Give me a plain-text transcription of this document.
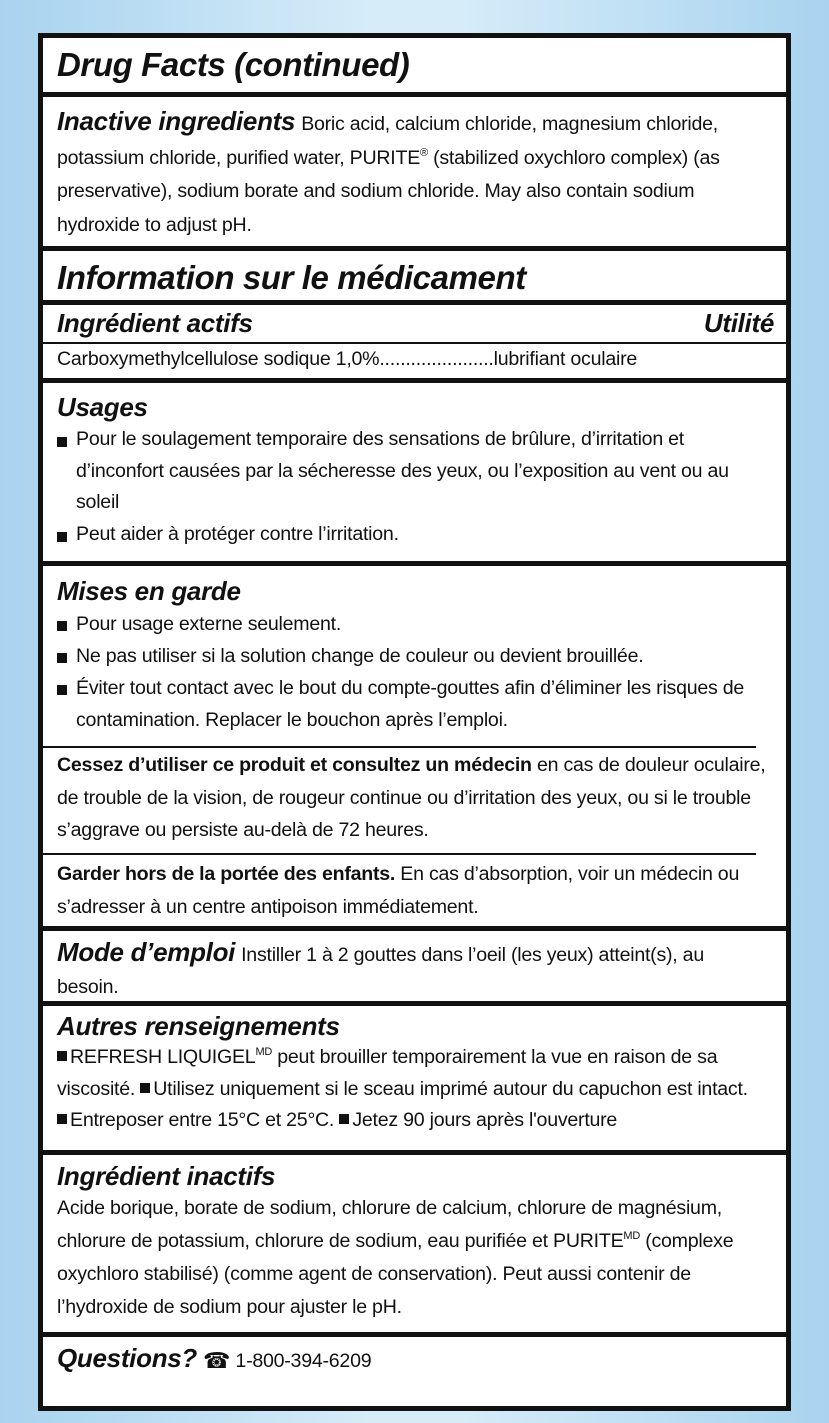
Drug Facts (continued)
Inactive ingredients Boric acid, calcium chloride, magnesium chloride, potassium chloride, purified water, PURITE® (stabilized oxychloro complex) (as preservative), sodium borate and sodium chloride. May also contain sodium hydroxide to adjust pH.
Information sur le médicament
Ingrédient actifs	Utilité
Carboxymethylcellulose sodique 1,0%......................lubrifiant oculaire
Usages
Pour le soulagement temporaire des sensations de brûlure, d’irritation et d’inconfort causées par la sécheresse des yeux, ou l’exposition au vent ou au soleil
Peut aider à protéger contre l’irritation.
Mises en garde
Pour usage externe seulement.
Ne pas utiliser si la solution change de couleur ou devient brouillée.
Éviter tout contact avec le bout du compte-gouttes afin d’éliminer les risques de contamination. Replacer le bouchon après l’emploi.
Cessez d’utiliser ce produit et consultez un médecin en cas de douleur oculaire, de trouble de la vision, de rougeur continue ou d’irritation des yeux, ou si le trouble s’aggrave ou persiste au-delà de 72 heures.
Garder hors de la portée des enfants. En cas d’absorption, voir un médecin ou s’adresser à un centre antipoison immédiatement.
Mode d’emploi Instiller 1 à 2 gouttes dans l’oeil (les yeux) atteint(s), au besoin.
Autres renseignements
REFRESH $LIQUIGEL^{MD}$ peut brouiller temporairement la vue en raison de sa viscosité. Utilisez uniquement si le sceau imprimé autour du capuchon est intact. Entreposer entre 15°C et 25°C. Jetez 90 jours après l'ouverture
Ingrédient inactifs
Acide borique, borate de sodium, chlorure de calcium, chlorure de magnésium, chlorure de potassium, chlorure de sodium, eau purifiée et $PURITE^{MD}$ (complexe oxychloro stabilisé) (comme agent de conservation). Peut aussi contenir de l’hydroxide de sodium pour ajuster le pH.
Questions? ☎ 1-800-394-6209
